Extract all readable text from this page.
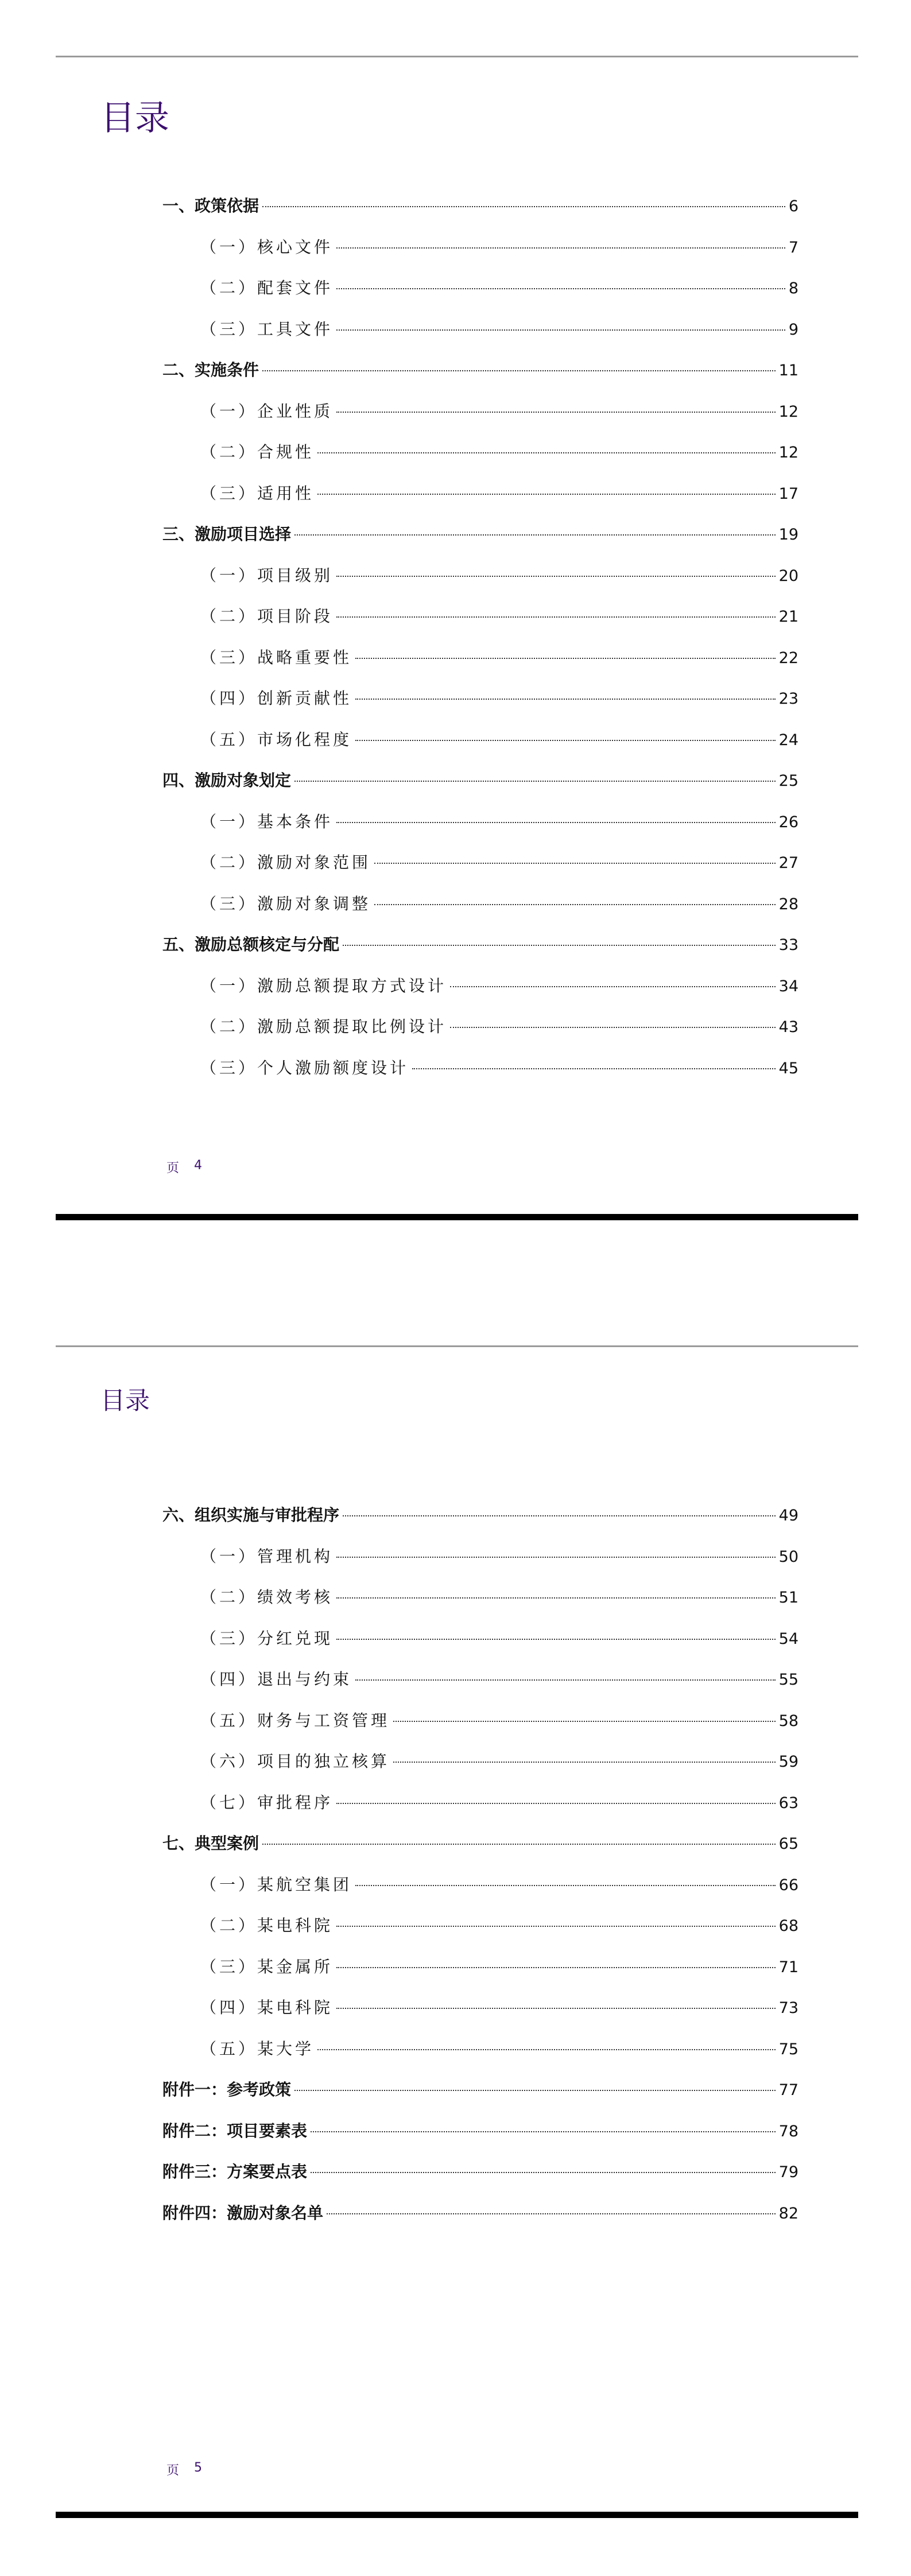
目录
一、政策依据	6
（一）核心文件	7
（二）配套文件	8
（三）工具文件	9
二、实施条件	11
（一）企业性质	12
（二）合规性	12
（三）适用性	17
三、激励项目选择	19
（一）项目级别	20
（二）项目阶段	21
（三）战略重要性	22
（四）创新贡献性	23
（五）市场化程度	24
四、激励对象划定	25
（一）基本条件	26
（二）激励对象范围	27
（三）激励对象调整	28
五、激励总额核定与分配	33
（一）激励总额提取方式设计	34
（二）激励总额提取比例设计	43
（三）个人激励额度设计	45
页 4
目录
六、组织实施与审批程序	49
（一）管理机构	50
（二）绩效考核	51
（三）分红兑现	54
（四）退出与约束	55
（五）财务与工资管理	58
（六）项目的独立核算	59
（七）审批程序	63
七、典型案例	65
（一）某航空集团	66
（二）某电科院	68
（三）某金属所	71
（四）某电科院	73
（五）某大学	75
附件一：参考政策	77
附件二：项目要素表	78
附件三：方案要点表	79
附件四：激励对象名单	82
页 5
